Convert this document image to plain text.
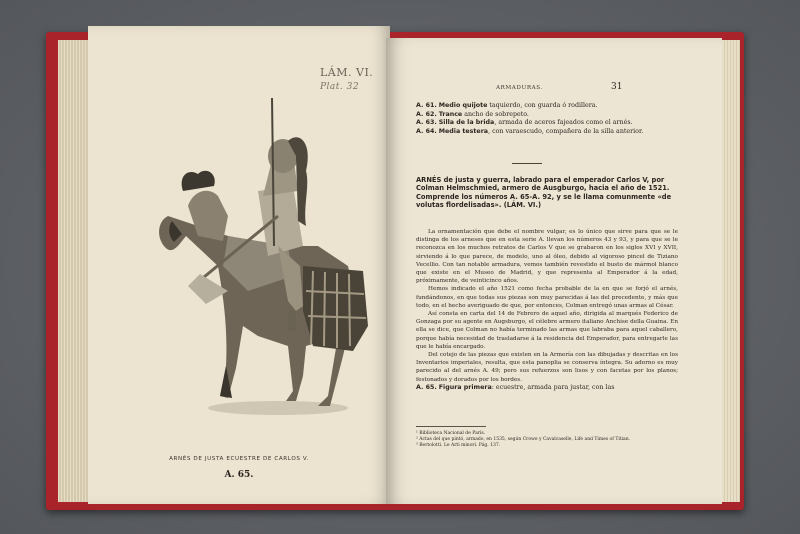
LÁM. VI. Plat. 32
ARNÉS DE JUSTA ECUESTRE DE CARLOS V.
A. 65.
ARMADURAS.	31

A. 61. Medio quijote taquierdo, con guarda ó rodillera.

A. 62. Trance ancho de sobrepeto.

A. 63. Silla de la brida, armada de aceros fajeados como el arnés.

A. 64. Media testera, con varaescudo, compañera de la silla anterior.

ARNÉS de justa y guerra, labrado para el emperador Carlos V, por Colman Helmschmied, armero de Ausgburgo, hacia el año de 1521. Comprende los números A. 65-A. 92, y se le llama comunmente «de volutas flordelisadas». (LÁM. VI.)

La ornamentación que debe el nombre vulgar, es lo único que sirve para que se le distinga de los arneses que en esta serie A. llevan los números 43 y 93, y para que se le reconozca en los muchos retratos de Carlos V que se grabaron en los siglos XVI y XVII, sirviendo á lo que parece, de modelo, uno al óleo, debido al vigoroso pincel de Tiziano Vecellio. Con tan notable armadura, vemos también revestido el busto de mármol blanco que existe en el Museo de Madrid, y que representa al Emperador á la edad, próximamente, de veinticinco años.

Hemos indicado el año 1521 como fecha probable de la en que se forjó el arnés, fundándonos, en que todas sus piezas son muy parecidas á las del precedente, y más que todo, en el hecho averiguado de que, por entonces, Colman entregó unas armas al César.

Así consta en carta del 14 de Febrero de aquel año, dirigida al marqués Federico de Gonzaga por su agente en Augsburgo, el célebre armero italiano Anchise della Guaina. En ella se dice, que Colman no había terminado las armas que labraba para aquel caballero, porque había necesidad de trasladarse á la residencia del Emperador, para entregarle las que le había encargado.

Del cotejo de las piezas que existen en la Armería con las dibujadas y descritas en los Inventarios imperiales, resulta, que esta panoplia se conserva íntegra. Su adorno es muy parecido al del arnés A. 49; pero sus refuerzos son lisos y con facetas por los planos; festonados y dorados por los bordes.

A. 65. Figura primera: ecuestre, armada para justar, con las

¹ Biblioteca Nacional de París.

² Actas del que pintó, armado, en 1535, según Crowe y Cavalcaselle, Life and Times of Titian.

³ Bertolotti. Le Arti minori. Pág. 137.
